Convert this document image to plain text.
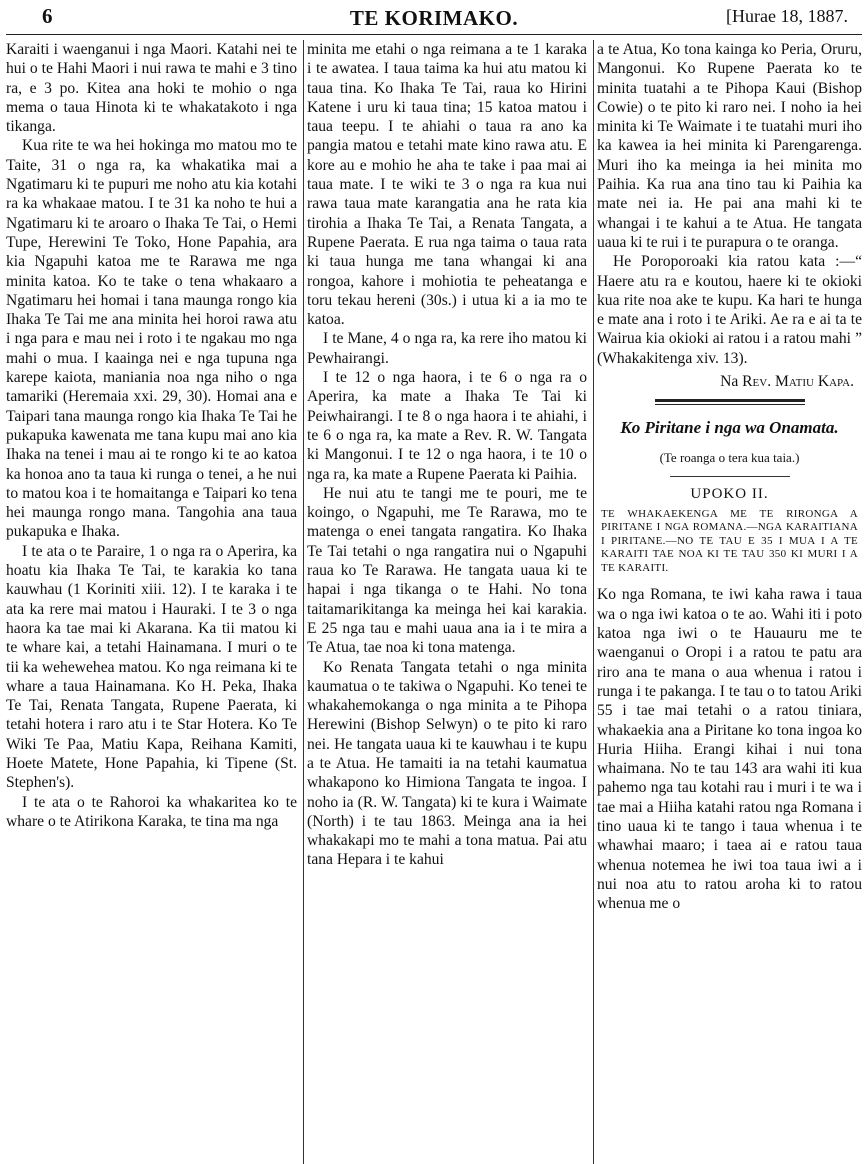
6	TE KORIMAKO.	[Hurae 18, 1887.

Karaiti i waenganui i nga Maori. Katahi nei te hui o te Hahi Maori i nui rawa te mahi e 3 tino ra, e 3 po. Kitea ana hoki te mohio o nga mema o taua Hinota ki te whakatakoto i nga tikanga.

Kua rite te wa hei hokinga mo matou mo te Taite, 31 o nga ra, ka whakatika mai a Ngatimaru ki te pupuri me noho atu kia kotahi ra ka whakaae matou. I te 31 ka noho te hui a Ngatimaru ki te aroaro o Ihaka Te Tai, o Hemi Tupe, Herewini Te Toko, Hone Papahia, ara kia Ngapuhi katoa me te Rarawa me nga minita katoa. Ko te take o tena whakaaro a Ngatimaru hei homai i tana maunga rongo kia Ihaka Te Tai me ana minita hei horoi rawa atu i nga para e mau nei i roto i te ngakau mo nga mahi o mua. I kaainga nei e nga tupuna nga karepe kaiota, maniania noa nga niho o nga tamariki (Heremaia xxi. 29, 30). Homai ana e Taipari tana maunga rongo kia Ihaka Te Tai he pukapuka kawenata me tana kupu mai ano kia Ihaka na tenei i mau ai te rongo ki te ao katoa ka honoa ano ta taua ki runga o tenei, a he nui to matou koa i te homaitanga e Taipari ko tena hei maunga rongo mana. Tangohia ana taua pukapuka e Ihaka.

I te ata o te Paraire, 1 o nga ra o Aperira, ka hoatu kia Ihaka Te Tai, te karakia ko tana kauwhau (1 Koriniti xiii. 12). I te karaka i te ata ka rere mai matou i Hauraki. I te 3 o nga haora ka tae mai ki Akarana. Ka tii matou ki te whare kai, a tetahi Hainamana. I muri o te tii ka wehewehea matou. Ko nga reimana ki te whare a taua Hainamana. Ko H. Peka, Ihaka Te Tai, Renata Tangata, Rupene Paerata, ki tetahi hotera i raro atu i te Star Hotera. Ko Te Wiki Te Paa, Matiu Kapa, Reihana Kamiti, Hoete Matete, Hone Papahia, ki Tipene (St. Stephen's).

I te ata o te Rahoroi ka whakaritea ko te whare o te Atirikona Karaka, te tina ma nga

minita me etahi o nga reimana a te 1 karaka i te awatea. I taua taima ka hui atu matou ki taua tina. Ko Ihaka Te Tai, raua ko Hirini Katene i uru ki taua tina; 15 katoa matou i taua teepu. I te ahiahi o taua ra ano ka pangia matou e tetahi mate kino rawa atu. E kore au e mohio he aha te take i paa mai ai taua mate. I te wiki te 3 o nga ra kua nui rawa taua mate karangatia ana he rata kia tirohia a Ihaka Te Tai, a Renata Tangata, a Rupene Paerata. E rua nga taima o taua rata ki taua hunga me tana whangai ki ana rongoa, kahore i mohiotia te peheatanga e toru tekau hereni (30s.) i utua ki a ia mo te katoa.

I te Mane, 4 o nga ra, ka rere iho matou ki Pewhairangi.

I te 12 o nga haora, i te 6 o nga ra o Aperira, ka mate a Ihaka Te Tai ki Peiwhairangi. I te 8 o nga haora i te ahiahi, i te 6 o nga ra, ka mate a Rev. R. W. Tangata ki Mangonui. I te 12 o nga haora, i te 10 o nga ra, ka mate a Rupene Paerata ki Paihia.

He nui atu te tangi me te pouri, me te koingo, o Ngapuhi, me Te Rarawa, mo te matenga o enei tangata rangatira. Ko Ihaka Te Tai tetahi o nga rangatira nui o Ngapuhi raua ko Te Rarawa. He tangata uaua ki te hapai i nga tikanga o te Hahi. No tona taitamarikitanga ka meinga hei kai karakia. E 25 nga tau e mahi uaua ana ia i te mira a Te Atua, tae noa ki tona matenga.

Ko Renata Tangata tetahi o nga minita kaumatua o te takiwa o Ngapuhi. Ko tenei te whakahemokanga o nga minita a te Pihopa Herewini (Bishop Selwyn) o te pito ki raro nei. He tangata uaua ki te kauwhau i te kupu a te Atua. He tamaiti ia na tetahi kaumatua whakapono ko Himiona Tangata te ingoa. I noho ia (R. W. Tangata) ki te kura i Waimate (North) i te tau 1863. Meinga ana ia hei whakakapi mo te mahi a tona matua. Pai atu tana Hepara i te kahui

a te Atua, Ko tona kainga ko Peria, Oruru, Mangonui. Ko Rupene Paerata ko te minita tuatahi a te Pihopa Kaui (Bishop Cowie) o te pito ki raro nei. I noho ia hei minita ki Te Waimate i te tuatahi muri iho ka kawea ia hei minita ki Parengarenga. Muri iho ka meinga ia hei minita mo Paihia. Ka rua ana tino tau ki Paihia ka mate nei ia. He pai ana mahi ki te whangai i te kahui a te Atua. He tangata uaua ki te rui i te purapura o te oranga.

He Poroporoaki kia ratou kata :—“ Haere atu ra e koutou, haere ki te okioki kua rite noa ake te kupu. Ka hari te hunga e mate ana i roto i te Ariki. Ae ra e ai ta te Wairua kia okioki ai ratou i a ratou mahi ” (Whakakitenga xiv. 13).

Na Rev. Matiu Kapa.
Ko Piritane i nga wa Onamata.
(Te roanga o tera kua taia.)
UPOKO II.
TE WHAKAEKENGA ME TE RIRONGA A PIRITANE I NGA ROMANA.—NGA KARAITIANA I PIRITANE.—NO TE TAU E 35 I MUA I A TE KARAITI TAE NOA KI TE TAU 350 KI MURI I A TE KARAITI.

Ko nga Romana, te iwi kaha rawa i taua wa o nga iwi katoa o te ao. Wahi iti i poto katoa nga iwi o te Hauauru me te waenganui o Oropi i a ratou te patu ara riro ana te mana o aua whenua i ratou i runga i te pakanga. I te tau o to tatou Ariki 55 i tae mai tetahi o a ratou tiniara, whakaekia ana a Piritane ko tona ingoa ko Huria Hiiha. Erangi kihai i nui tona whaimana. No te tau 143 ara wahi iti kua pahemo nga tau kotahi rau i muri i te wa i tae mai a Hiiha katahi ratou nga Romana i tino uaua ki te tango i taua whenua i te whawhai maaro; i taea ai e ratou taua whenua notemea he iwi toa taua iwi a i nui noa atu to ratou aroha ki to ratou whenua me o
